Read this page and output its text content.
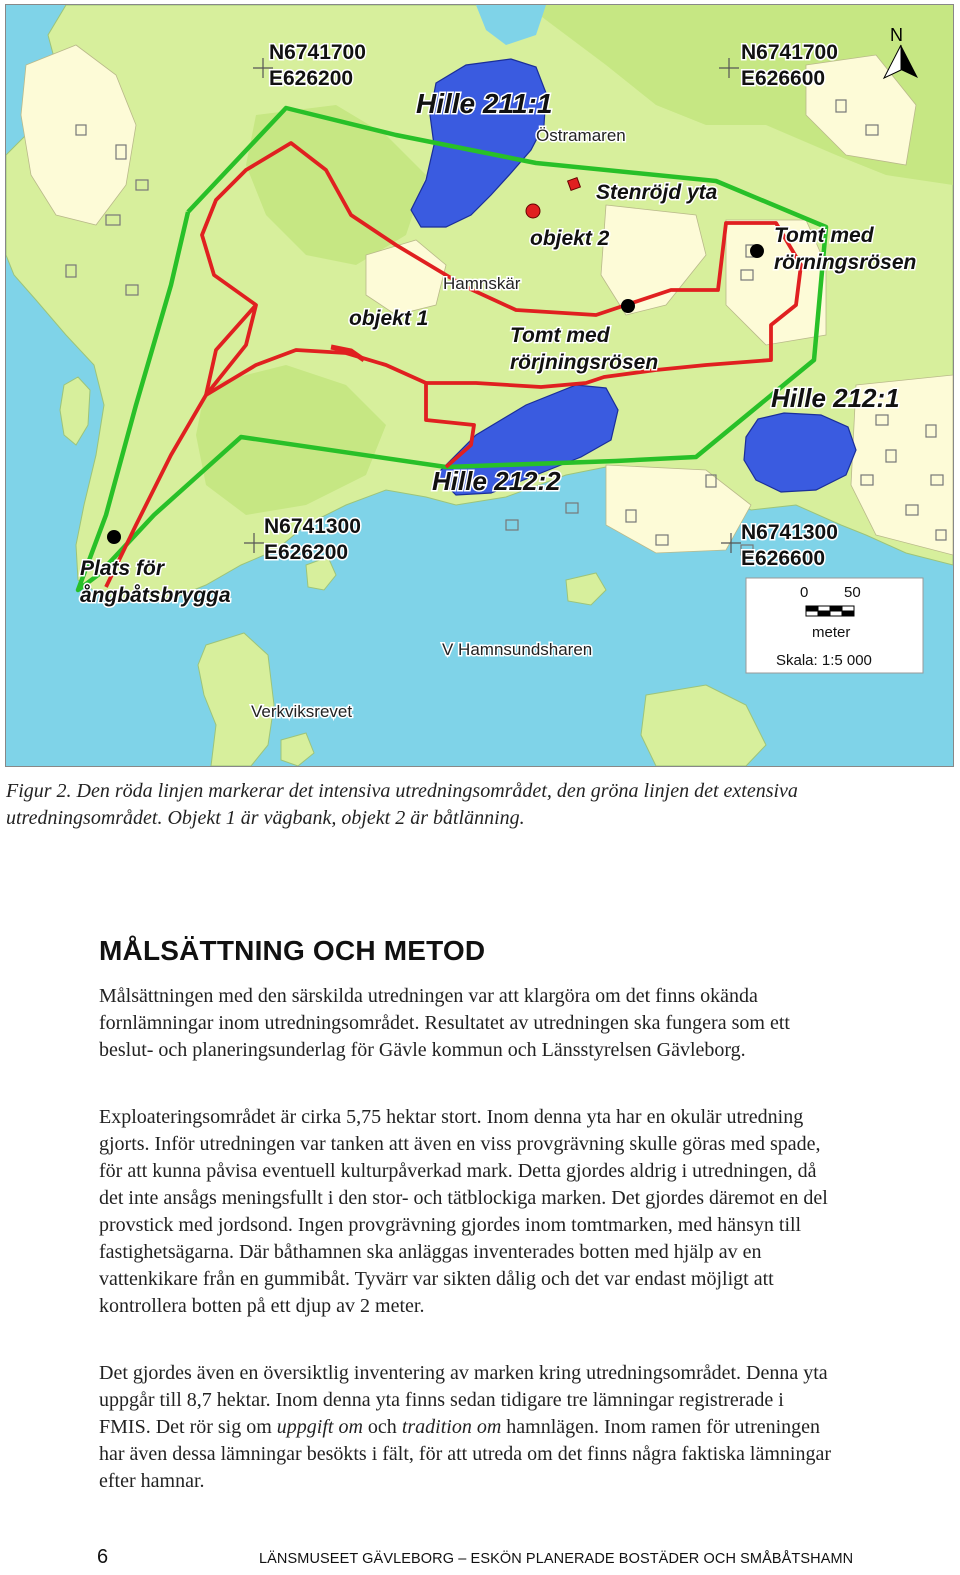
N
N6741700
E626200
N6741700
E626600
N6741300
E626200
N6741300
E626600
Hille 211:1
Östramaren
Stenröjd yta
objekt 2	Tomt med
rörningsrösen
Hamnskär
objekt 1
Tomt med
rörjningsrösen
Hille 212:1
Hille 212:2
Plats för
ångbåtsbrygga
V Hamnsundsharen
Verkviksrevet
0 50
meter
Skala: 1:5 000

Figur 2. Den röda linjen markerar det intensiva utredningsområdet, den gröna linjen det extensiva utredningsområdet. Objekt 1 är vägbank, objekt 2 är båtlänning.

MÅLSÄTTNING OCH METOD

Målsättningen med den särskilda utredningen var att klargöra om det finns okända fornlämningar inom utredningsområdet. Resultatet av utredningen ska fungera som ett beslut- och planeringsunderlag för Gävle kommun och Länsstyrelsen Gävleborg.

Exploateringsområdet är cirka 5,75 hektar stort. Inom denna yta har en okulär utredning gjorts. Inför utredningen var tanken att även en viss provgrävning skulle göras med spade, för att kunna påvisa eventuell kulturpåverkad mark. Detta gjordes aldrig i utredningen, då det inte ansågs meningsfullt i den stor- och tätblockiga marken. Det gjordes däremot en del provstick med jordsond. Ingen provgrävning gjordes inom tomtmarken, med hänsyn till fastighetsägarna. Där båthamnen ska anläggas inventerades botten med hjälp av en vattenkikare från en gummibåt. Tyvärr var sikten dålig och det var endast möjligt att kontrollera botten på ett djup av 2 meter.

Det gjordes även en översiktlig inventering av marken kring utredningsområdet. Denna yta uppgår till 8,7 hektar. Inom denna yta finns sedan tidigare tre lämningar registrerade i FMIS. Det rör sig om uppgift om och tradition om hamnlägen. Inom ramen för utreningen har även dessa lämningar besökts i fält, för att utreda om det finns några faktiska lämningar efter hamnar.

6	LÄNSMUSEET GÄVLEBORG – ESKÖN PLANERADE BOSTÄDER OCH SMÅBÅTSHAMN
